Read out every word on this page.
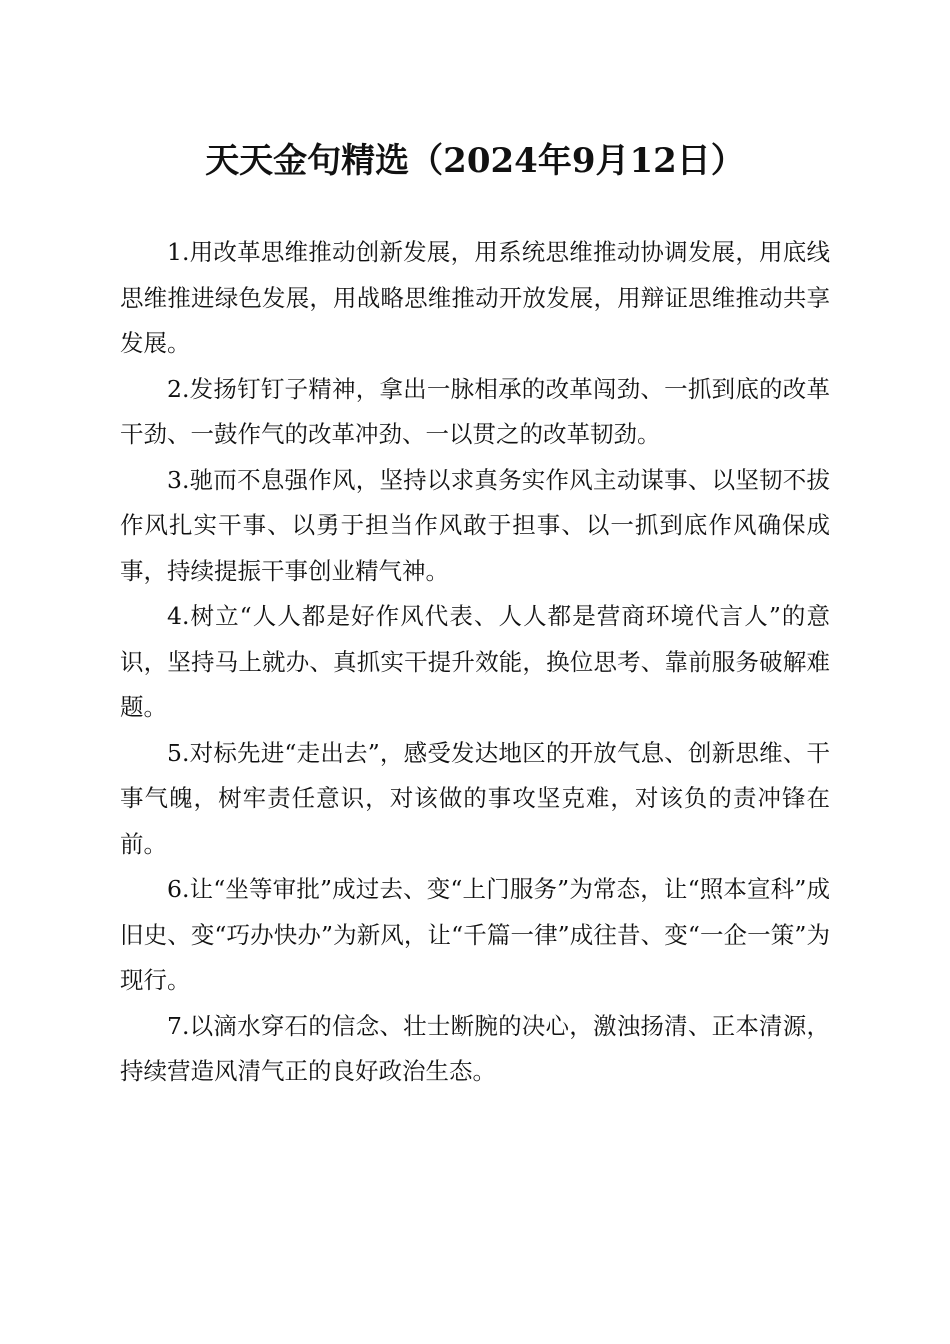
天天金句精选（2024年9月12日）

1.用改革思维推动创新发展，用系统思维推动协调发展，用底线思维推进绿色发展，用战略思维推动开放发展，用辩证思维推动共享发展。

2.发扬钉钉子精神，拿出一脉相承的改革闯劲、一抓到底的改革干劲、一鼓作气的改革冲劲、一以贯之的改革韧劲。

3.驰而不息强作风，坚持以求真务实作风主动谋事、以坚韧不拔作风扎实干事、以勇于担当作风敢于担事、以一抓到底作风确保成事，持续提振干事创业精气神。

4.树立“人人都是好作风代表、人人都是营商环境代言人”的意识，坚持马上就办、真抓实干提升效能，换位思考、靠前服务破解难题。

5.对标先进“走出去”，感受发达地区的开放气息、创新思维、干事气魄，树牢责任意识，对该做的事攻坚克难，对该负的责冲锋在前。

6.让“坐等审批”成过去、变“上门服务”为常态，让“照本宣科”成旧史、变“巧办快办”为新风，让“千篇一律”成往昔、变“一企一策”为现行。

7.以滴水穿石的信念、壮士断腕的决心，激浊扬清、正本清源，持续营造风清气正的良好政治生态。
